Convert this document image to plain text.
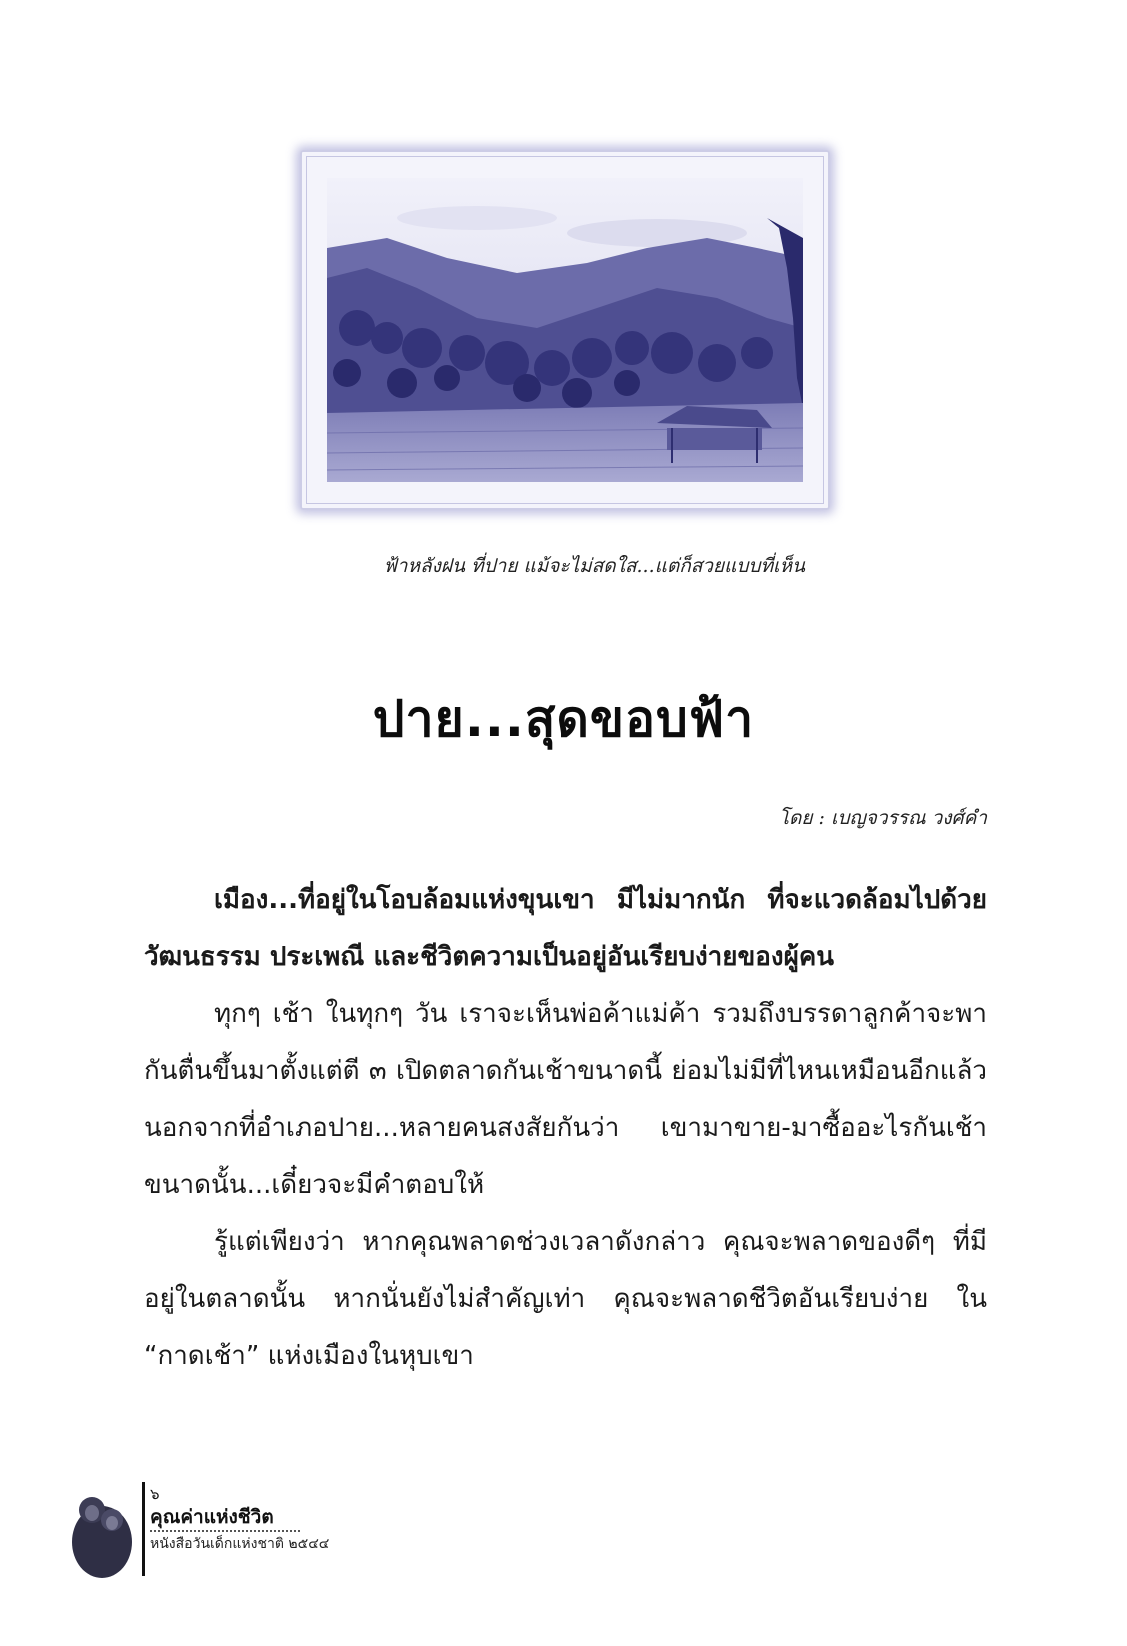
ฟ้าหลังฝน ที่ปาย แม้จะไม่สดใส...แต่ก็สวยแบบที่เห็น
ปาย...สุดขอบฟ้า
โดย : เบญจวรรณ วงศ์คำ

เมือง...ที่อยู่ในโอบล้อมแห่งขุนเขา มีไม่มากนัก ที่จะแวดล้อมไปด้วยวัฒนธรรม ประเพณี และชีวิตความเป็นอยู่อันเรียบง่ายของผู้คน

ทุกๆ เช้า ในทุกๆ วัน เราจะเห็นพ่อค้าแม่ค้า รวมถึงบรรดาลูกค้าจะพากันตื่นขึ้นมาตั้งแต่ตี ๓ เปิดตลาดกันเช้าขนาดนี้ ย่อมไม่มีที่ไหนเหมือนอีกแล้วนอกจากที่อำเภอปาย...หลายคนสงสัยกันว่า เขามาขาย-มาซื้ออะไรกันเช้าขนาดนั้น...เดี๋ยวจะมีคำตอบให้

รู้แต่เพียงว่า หากคุณพลาดช่วงเวลาดังกล่าว คุณจะพลาดของดีๆ ที่มีอยู่ในตลาดนั้น หากนั่นยังไม่สำคัญเท่า คุณจะพลาดชีวิตอันเรียบง่าย ใน “กาดเช้า” แห่งเมืองในหุบเขา

๖
คุณค่าแห่งชีวิต
หนังสือวันเด็กแห่งชาติ ๒๕๔๔
